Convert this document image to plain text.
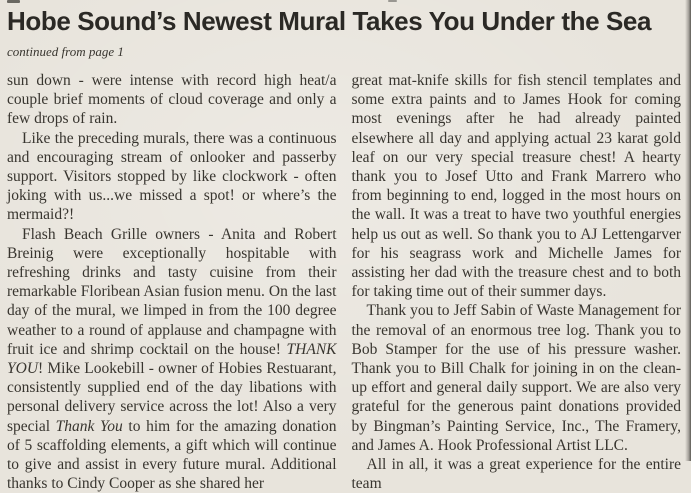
Hobe Sound’s Newest Mural Takes You Under the Sea
continued from page 1

sun down - were intense with record high heat/a couple brief moments of cloud coverage and only a few drops of rain.

Like the preceding murals, there was a continuous and encouraging stream of onlooker and passerby support. Visitors stopped by like clockwork - often joking with us...we missed a spot! or where’s the mermaid?!

Flash Beach Grille owners - Anita and Robert Breinig were exceptionally hospitable with refreshing drinks and tasty cuisine from their remarkable Floribean Asian fusion menu. On the last day of the mural, we limped in from the 100 degree weather to a round of applause and champagne with fruit ice and shrimp cocktail on the house! THANK YOU! Mike Lookebill - owner of Hobies Restuarant, consistently supplied end of the day libations with personal delivery service across the lot! Also a very special Thank You to him for the amazing donation of 5 scaffolding elements, a gift which will continue to give and assist in every future mural. Additional thanks to Cindy Cooper as she shared her

great mat-knife skills for fish stencil templates and some extra paints and to James Hook for coming most evenings after he had already painted elsewhere all day and applying actual 23 karat gold leaf on our very special treasure chest! A hearty thank you to Josef Utto and Frank Marrero who from beginning to end, logged in the most hours on the wall. It was a treat to have two youthful energies help us out as well. So thank you to AJ Lettengarver for his seagrass work and Michelle James for assisting her dad with the treasure chest and to both for taking time out of their summer days.

Thank you to Jeff Sabin of Waste Management for the removal of an enormous tree log. Thank you to Bob Stamper for the use of his pressure washer. Thank you to Bill Chalk for joining in on the clean-up effort and general daily support. We are also very grateful for the generous paint donations provided by Bingman’s Painting Service, Inc., The Framery, and James A. Hook Professional Artist LLC.

All in all, it was a great experience for the entire team
